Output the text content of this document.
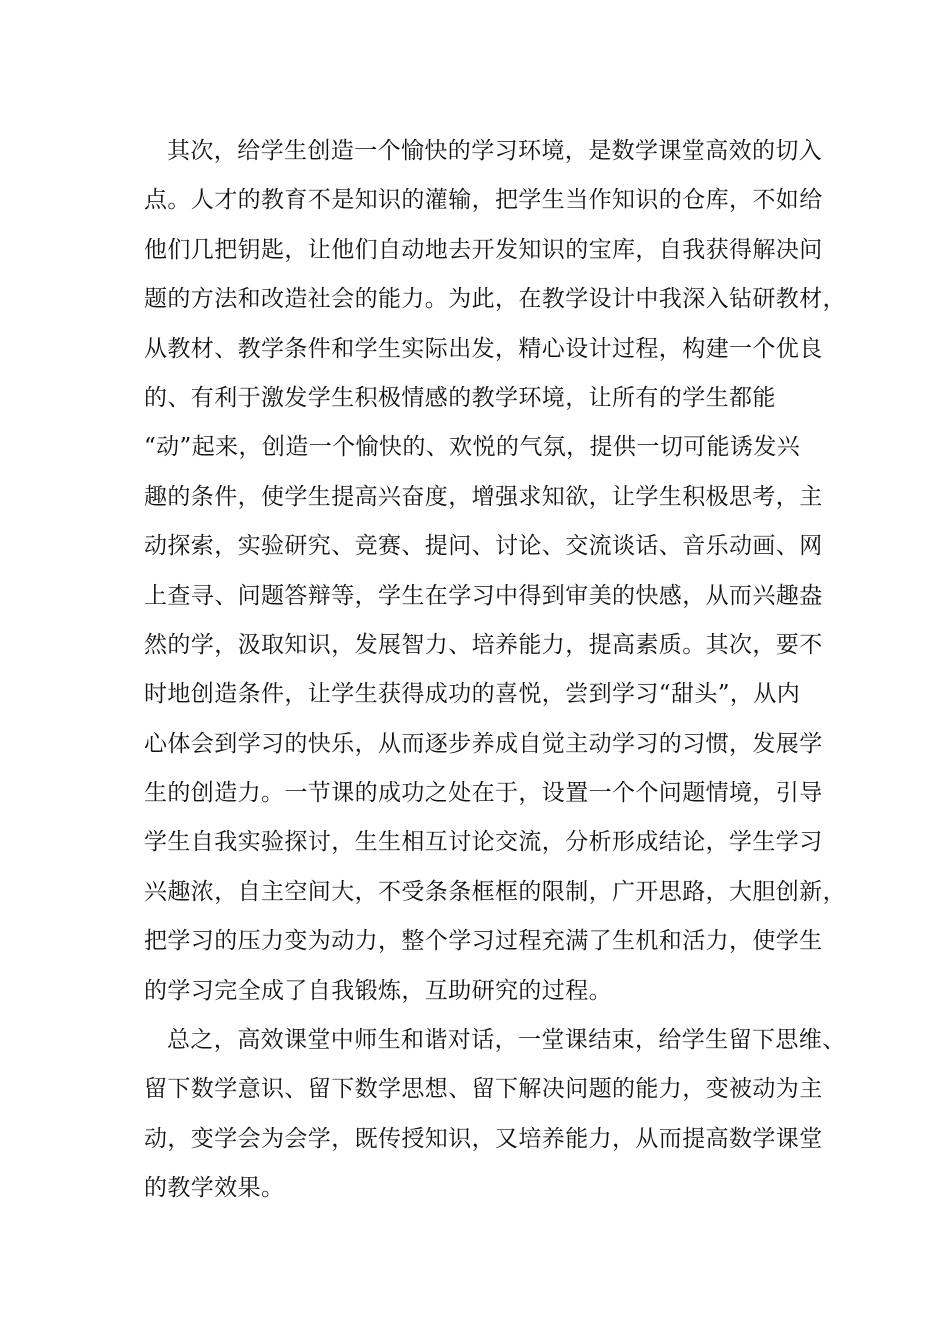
其次，给学生创造一个愉快的学习环境，是数学课堂高效的切入
点。人才的教育不是知识的灌输，把学生当作知识的仓库，不如给
他们几把钥匙，让他们自动地去开发知识的宝库，自我获得解决问
题的方法和改造社会的能力。为此，在教学设计中我深入钻研教材，
从教材、教学条件和学生实际出发，精心设计过程，构建一个优良
的、有利于激发学生积极情感的教学环境，让所有的学生都能
“动”起来，创造一个愉快的、欢悦的气氛，提供一切可能诱发兴
趣的条件，使学生提高兴奋度，增强求知欲，让学生积极思考，主
动探索，实验研究、竞赛、提问、讨论、交流谈话、音乐动画、网
上查寻、问题答辩等，学生在学习中得到审美的快感，从而兴趣盎
然的学，汲取知识，发展智力、培养能力，提高素质。其次，要不
时地创造条件，让学生获得成功的喜悦，尝到学习“甜头”，从内
心体会到学习的快乐，从而逐步养成自觉主动学习的习惯，发展学
生的创造力。一节课的成功之处在于，设置一个个问题情境，引导
学生自我实验探讨，生生相互讨论交流，分析形成结论，学生学习
兴趣浓，自主空间大，不受条条框框的限制，广开思路，大胆创新，
把学习的压力变为动力，整个学习过程充满了生机和活力，使学生
的学习完全成了自我锻炼，互助研究的过程。
总之，高效课堂中师生和谐对话，一堂课结束，给学生留下思维、
留下数学意识、留下数学思想、留下解决问题的能力，变被动为主
动，变学会为会学，既传授知识，又培养能力，从而提高数学课堂
的教学效果。
